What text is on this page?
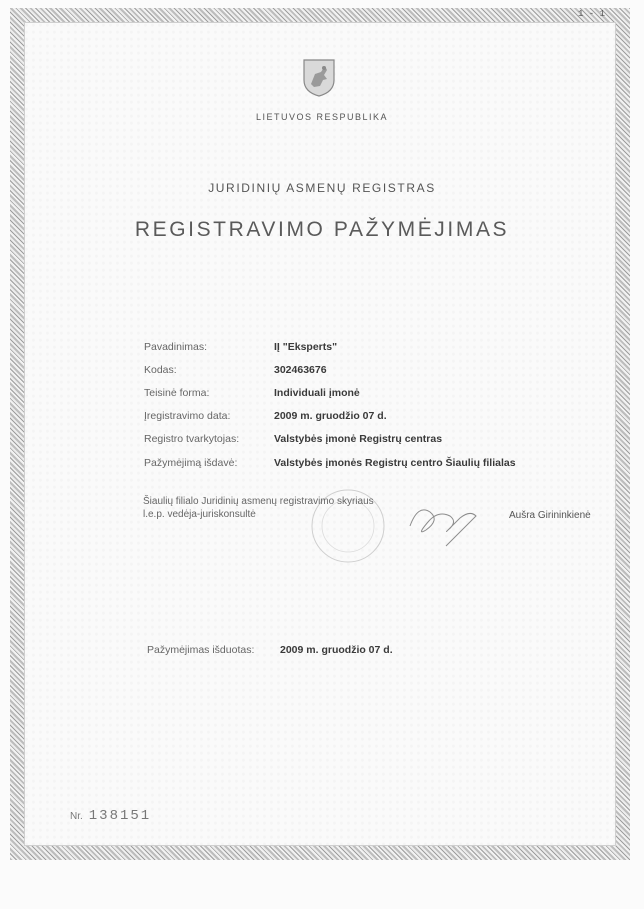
1 - 1
LIETUVOS RESPUBLIKA
JURIDINIŲ ASMENŲ REGISTRAS
REGISTRAVIMO PAŽYMĖJIMAS
Pavadinimas:	IĮ "Eksperts"
Kodas:	302463676
Teisinė forma:	Individuali įmonė
Įregistravimo data:	2009 m. gruodžio 07 d.
Registro tvarkytojas:	Valstybės įmonė Registrų centras
Pažymėjimą išdavė:	Valstybės įmonės Registrų centro Šiaulių filialas
Šiaulių filialo Juridinių asmenų registravimo skyriaus
l.e.p. vedėja-juriskonsultė	Aušra Girininkienė
Pažymėjimas išduotas:	2009 m. gruodžio 07 d.
Nr. 138151
